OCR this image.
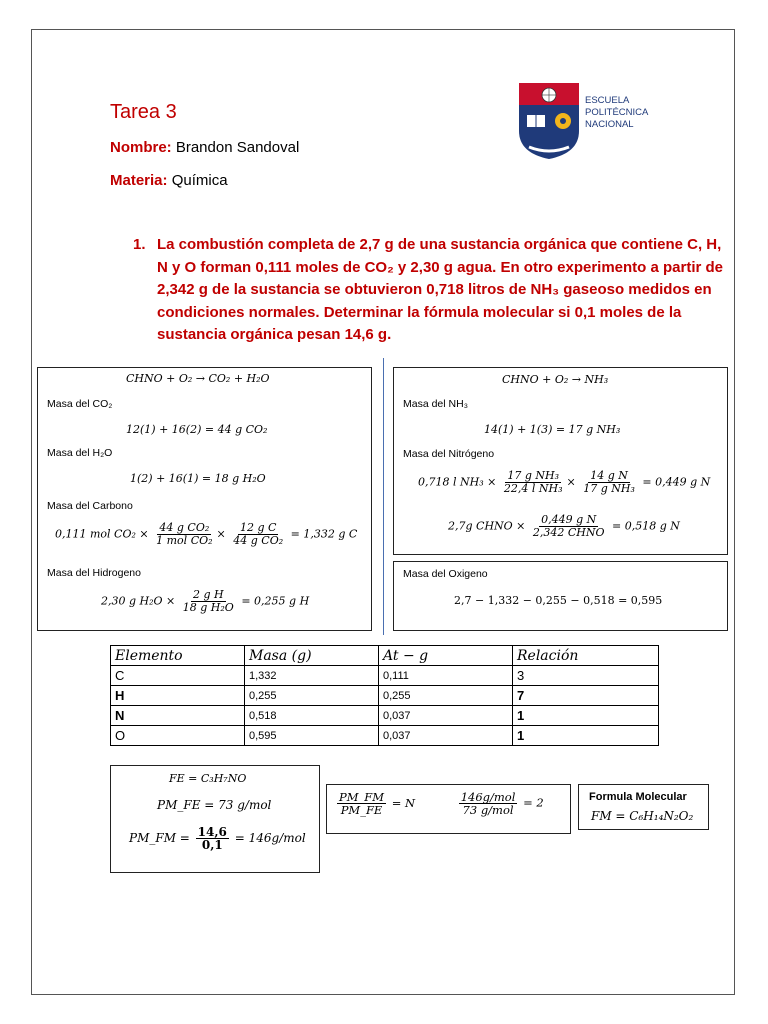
Tarea 3
Nombre: Brandon Sandoval
Materia: Química
ESCUELA
POLITÉCNICA
NACIONAL
1. La combustión completa de 2,7 g de una sustancia orgánica que contiene C, H, N y O forman 0,111 moles de CO₂ y 2,30 g agua. En otro experimento a partir de 2,342 g de la sustancia se obtuvieron 0,718 litros de NH₃ gaseoso medidos en condiciones normales. Determinar la fórmula molecular si 0,1 moles de la sustancia orgánica pesan 14,6 g.
CHNO + O₂ → CO₂ + H₂O
Masa del CO₂
12(1) + 16(2) = 44 g CO₂
Masa del H₂O
1(2) + 16(1) = 18 g H₂O
Masa del Carbono
0,111 mol $CO_2 \times \frac{\text{44 g CO₂}}{\text{1 mol CO₂}} \times \frac{\text{12 g C}}{\text{44 g CO₂}} = 1,332$ g C
Masa del Hidrogeno
2,30 g $H_2O \times \frac{\text{2 g H}}{\text{18 g H₂O}} = 0,255$ g H
CHNO + O₂ → NH₃
Masa del NH₃
14(1) + 1(3) = 17 g NH₃
Masa del Nitrógeno
0,718 l $NH_3 \times \frac{\text{17 g NH₃}}{\text{22,4 l NH₃}} \times \frac{\text{14 g N}}{\text{17 g NH₃}} = 0,449$ g N
2,7g CHNO × $\frac{\text{0,449 g N}}{\text{2,342 CHNO}} = 0,518$ g N
Masa del Oxigeno
2,7 − 1,332 − 0,255 − 0,518 = 0,595
Elemento	Masa (g)	At − g	Relación
C	1,332	0,111	3
H	0,255	0,255	7
N	0,518	0,037	1
O	0,595	0,037	1
FE = C₃H₇NO
PM_FE = 73 g/mol
PM_FM = $\frac{14,6}{0,1} = 146g/mol$
$\frac{PM\_FM}{PM\_FE} = N$	$\frac{\text{146g/mol}}{\text{73 g/mol}} = 2$	Formula Molecular
FM = C₆H₁₄N₂O₂
